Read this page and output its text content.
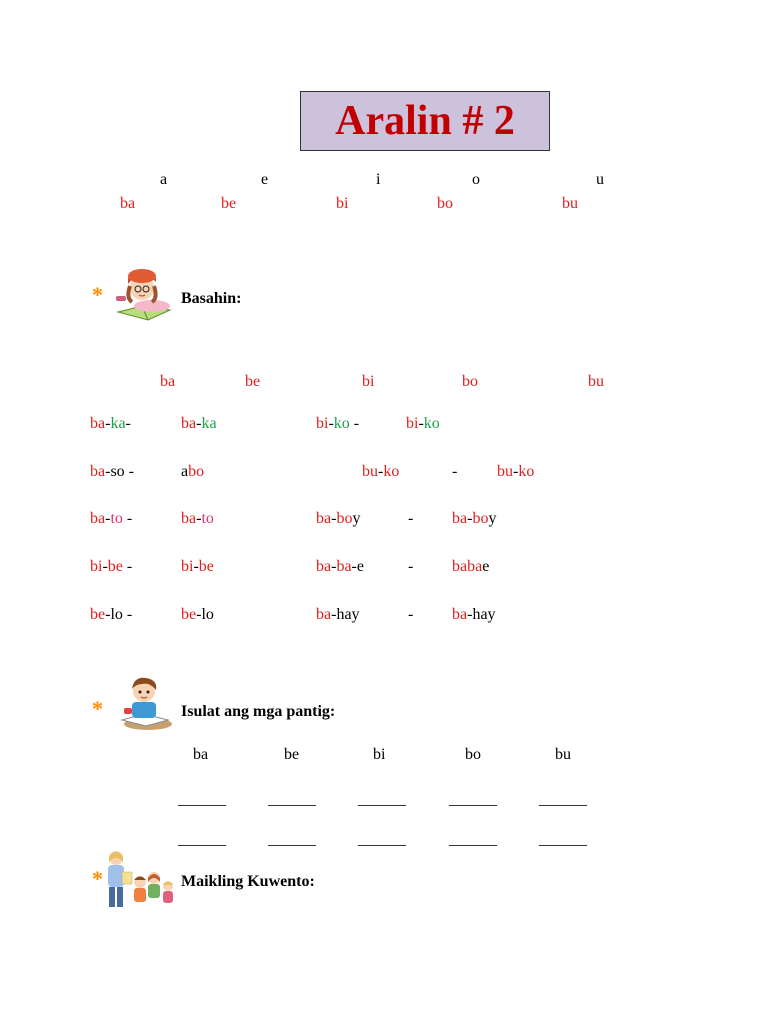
Aralin # 2
a	e	i	o	u
ba	be	bi	bo	bu
*	Basahin:
ba	be	bi	bo	bu
ba-ka-	ba-ka	bi-ko -	bi-ko
ba-so -	abo	bu-ko	- bu-ko
ba-to -	ba-to	ba-boy	- ba-boy
bi-be -	bi-be	ba-ba-e	- babae
be-lo -	be-lo	ba-hay	- ba-hay
*	Isulat ang mga pantig:
ba	be	bi	bo	bu
______	______	______	______	______
______	______	______	______	______
*	Maikling Kuwento:
